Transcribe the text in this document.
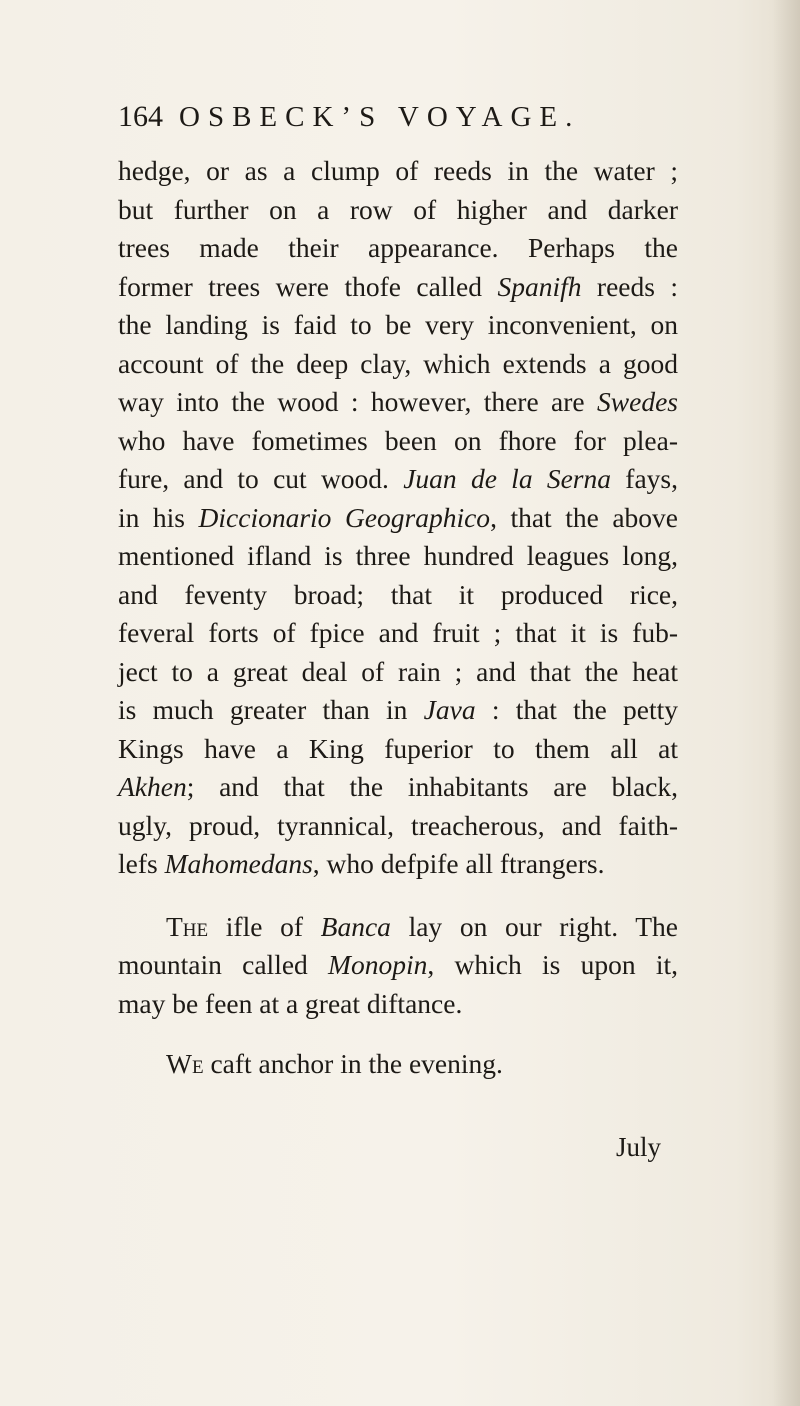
164 OSBECK’S VOYAGE.
hedge, or as a clump of reeds in the water ;
but further on a row of higher and darker
trees made their appearance. Perhaps the
former trees were thofe called Spanifh reeds :
the landing is faid to be very inconvenient, on
account of the deep clay, which extends a good
way into the wood : however, there are Swedes
who have fometimes been on fhore for plea-
fure, and to cut wood. Juan de la Serna fays,
in his Diccionario Geographico, that the above
mentioned ifland is three hundred leagues long,
and feventy broad; that it produced rice,
feveral forts of fpice and fruit ; that it is fub-
ject to a great deal of rain ; and that the heat
is much greater than in Java : that the petty
Kings have a King fuperior to them all at
Akhen; and that the inhabitants are black,
ugly, proud, tyrannical, treacherous, and faith-
lefs Mahomedans, who defpife all ftrangers.
The ifle of Banca lay on our right. The
mountain called Monopin, which is upon it,
may be feen at a great diftance.
We caft anchor in the evening.
July
